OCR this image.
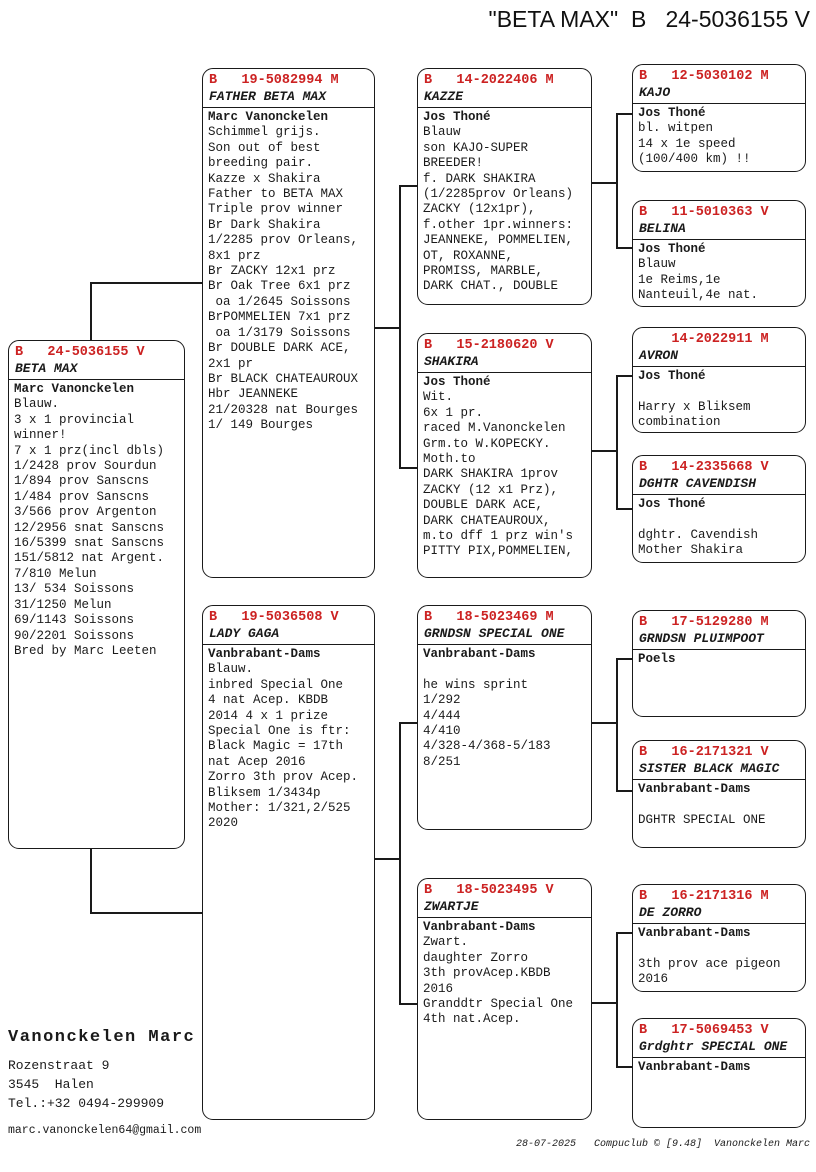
"BETA MAX"  B   24-5036155 V
B   24-5036155 V
BETA MAX
Marc Vanonckelen
Blauw.
3 x 1 provincial
winner!
7 x 1 prz(incl dbls)
1/2428 prov Sourdun
1/894 prov Sanscns
1/484 prov Sanscns
3/566 prov Argenton
12/2956 snat Sanscns
16/5399 snat Sanscns
151/5812 nat Argent.
7/810 Melun
13/ 534 Soissons
31/1250 Melun
69/1143 Soissons
90/2201 Soissons
Bred by Marc Leeten
B   19-5082994 M
FATHER BETA MAX
Marc Vanonckelen
Schimmel grijs.
Son out of best
breeding pair.
Kazze x Shakira
Father to BETA MAX
Triple prov winner
Br Dark Shakira
1/2285 prov Orleans,
8x1 prz
Br ZACKY 12x1 prz
Br Oak Tree 6x1 prz
oa 1/2645 Soissons
BrPOMMELIEN 7x1 prz
oa 1/3179 Soissons
Br DOUBLE DARK ACE,
2x1 pr
Br BLACK CHATEAUROUX
Hbr JEANNEKE
21/20328 nat Bourges
1/ 149 Bourges
B   19-5036508 V
LADY GAGA
Vanbrabant-Dams
Blauw.
inbred Special One
4 nat Acep. KBDB
2014 4 x 1 prize
Special One is ftr:
Black Magic = 17th
nat Acep 2016
Zorro 3th prov Acep.
Bliksem 1/3434p
Mother: 1/321,2/525
2020
B   14-2022406 M
KAZZE
Jos Thoné
Blauw
son KAJO-SUPER
BREEDER!
f. DARK SHAKIRA
(1/2285prov Orleans)
ZACKY (12x1pr),
f.other 1pr.winners:
JEANNEKE, POMMELIEN,
OT, ROXANNE,
PROMISS, MARBLE,
DARK CHAT., DOUBLE
B   15-2180620 V
SHAKIRA
Jos Thoné
Wit.
6x 1 pr.
raced M.Vanonckelen
Grm.to W.KOPECKY.
Moth.to
DARK SHAKIRA 1prov
ZACKY (12 x1 Prz),
DOUBLE DARK ACE,
DARK CHATEAUROUX,
m.to dff 1 prz win's
PITTY PIX,POMMELIEN,
B   18-5023469 M
GRNDSN SPECIAL ONE
Vanbrabant-Dams

he wins sprint
1/292
4/444
4/410
4/328-4/368-5/183
8/251
B   18-5023495 V
ZWARTJE
Vanbrabant-Dams
Zwart.
daughter Zorro
3th provAcep.KBDB
2016
Granddtr Special One
4th nat.Acep.
B   12-5030102 M
KAJO
Jos Thoné
bl. witpen
14 x 1e speed
(100/400 km) !!
B   11-5010363 V
BELINA
Jos Thoné
Blauw
1e Reims,1e
Nanteuil,4e nat.
14-2022911 M
AVRON
Jos Thoné

Harry x Bliksem
combination
B   14-2335668 V
DGHTR CAVENDISH
Jos Thoné

dghtr. Cavendish
Mother Shakira
B   17-5129280 M
GRNDSN PLUIMPOOT
Poels
B   16-2171321 V
SISTER BLACK MAGIC
Vanbrabant-Dams

DGHTR SPECIAL ONE
B   16-2171316 M
DE ZORRO
Vanbrabant-Dams

3th prov ace pigeon
2016
B   17-5069453 V
Grdghtr SPECIAL ONE
Vanbrabant-Dams
Vanonckelen Marc
Rozenstraat 9
3545  Halen
Tel.:+32 0494-299909
marc.vanonckelen64@gmail.com
28-07-2025   Compuclub © [9.48]  Vanonckelen Marc
